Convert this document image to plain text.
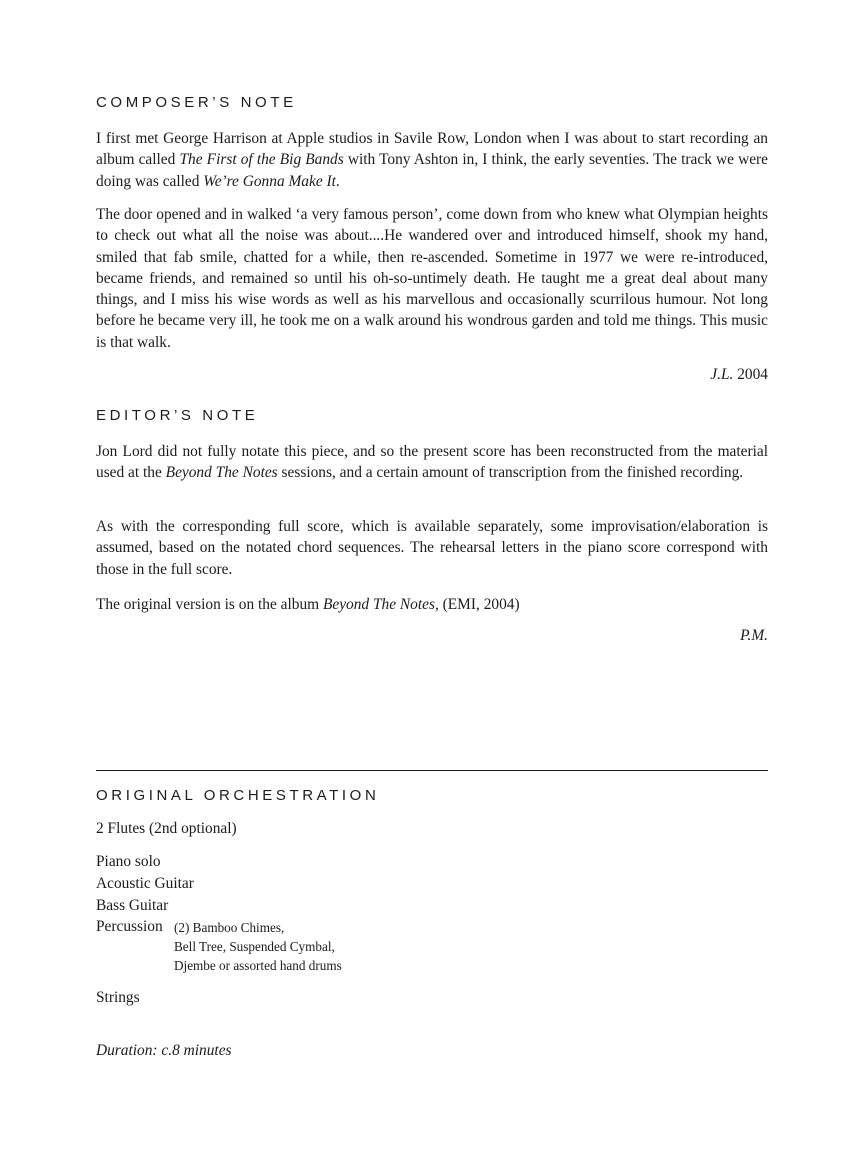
COMPOSER’S NOTE

I first met George Harrison at Apple studios in Savile Row, London when I was about to start recording an album called The First of the Big Bands with Tony Ashton in, I think, the early seventies. The track we were doing was called We’re Gonna Make It.

The door opened and in walked ‘a very famous person’, come down from who knew what Olympian heights to check out what all the noise was about....He wandered over and introduced himself, shook my hand, smiled that fab smile, chatted for a while, then re-ascended. Sometime in 1977 we were re-introduced, became friends, and remained so until his oh-so-untimely death. He taught me a great deal about many things, and I miss his wise words as well as his marvellous and occasionally scurrilous humour. Not long before he became very ill, he took me on a walk around his wondrous garden and told me things. This music is that walk.

J.L. 2004

EDITOR’S NOTE

Jon Lord did not fully notate this piece, and so the present score has been reconstructed from the material used at the Beyond The Notes sessions, and a certain amount of transcription from the finished recording.

As with the corresponding full score, which is available separately, some improvisation/elaboration is assumed, based on the notated chord sequences. The rehearsal letters in the piano score correspond with those in the full score.

The original version is on the album Beyond The Notes, (EMI, 2004)

P.M.

ORIGINAL ORCHESTRATION

2 Flutes (2nd optional)

Piano solo

Acoustic Guitar

Bass Guitar

Percussion (2) Bamboo Chimes,

Bell Tree, Suspended Cymbal,

Djembe or assorted hand drums

Strings

Duration: c.8 minutes
